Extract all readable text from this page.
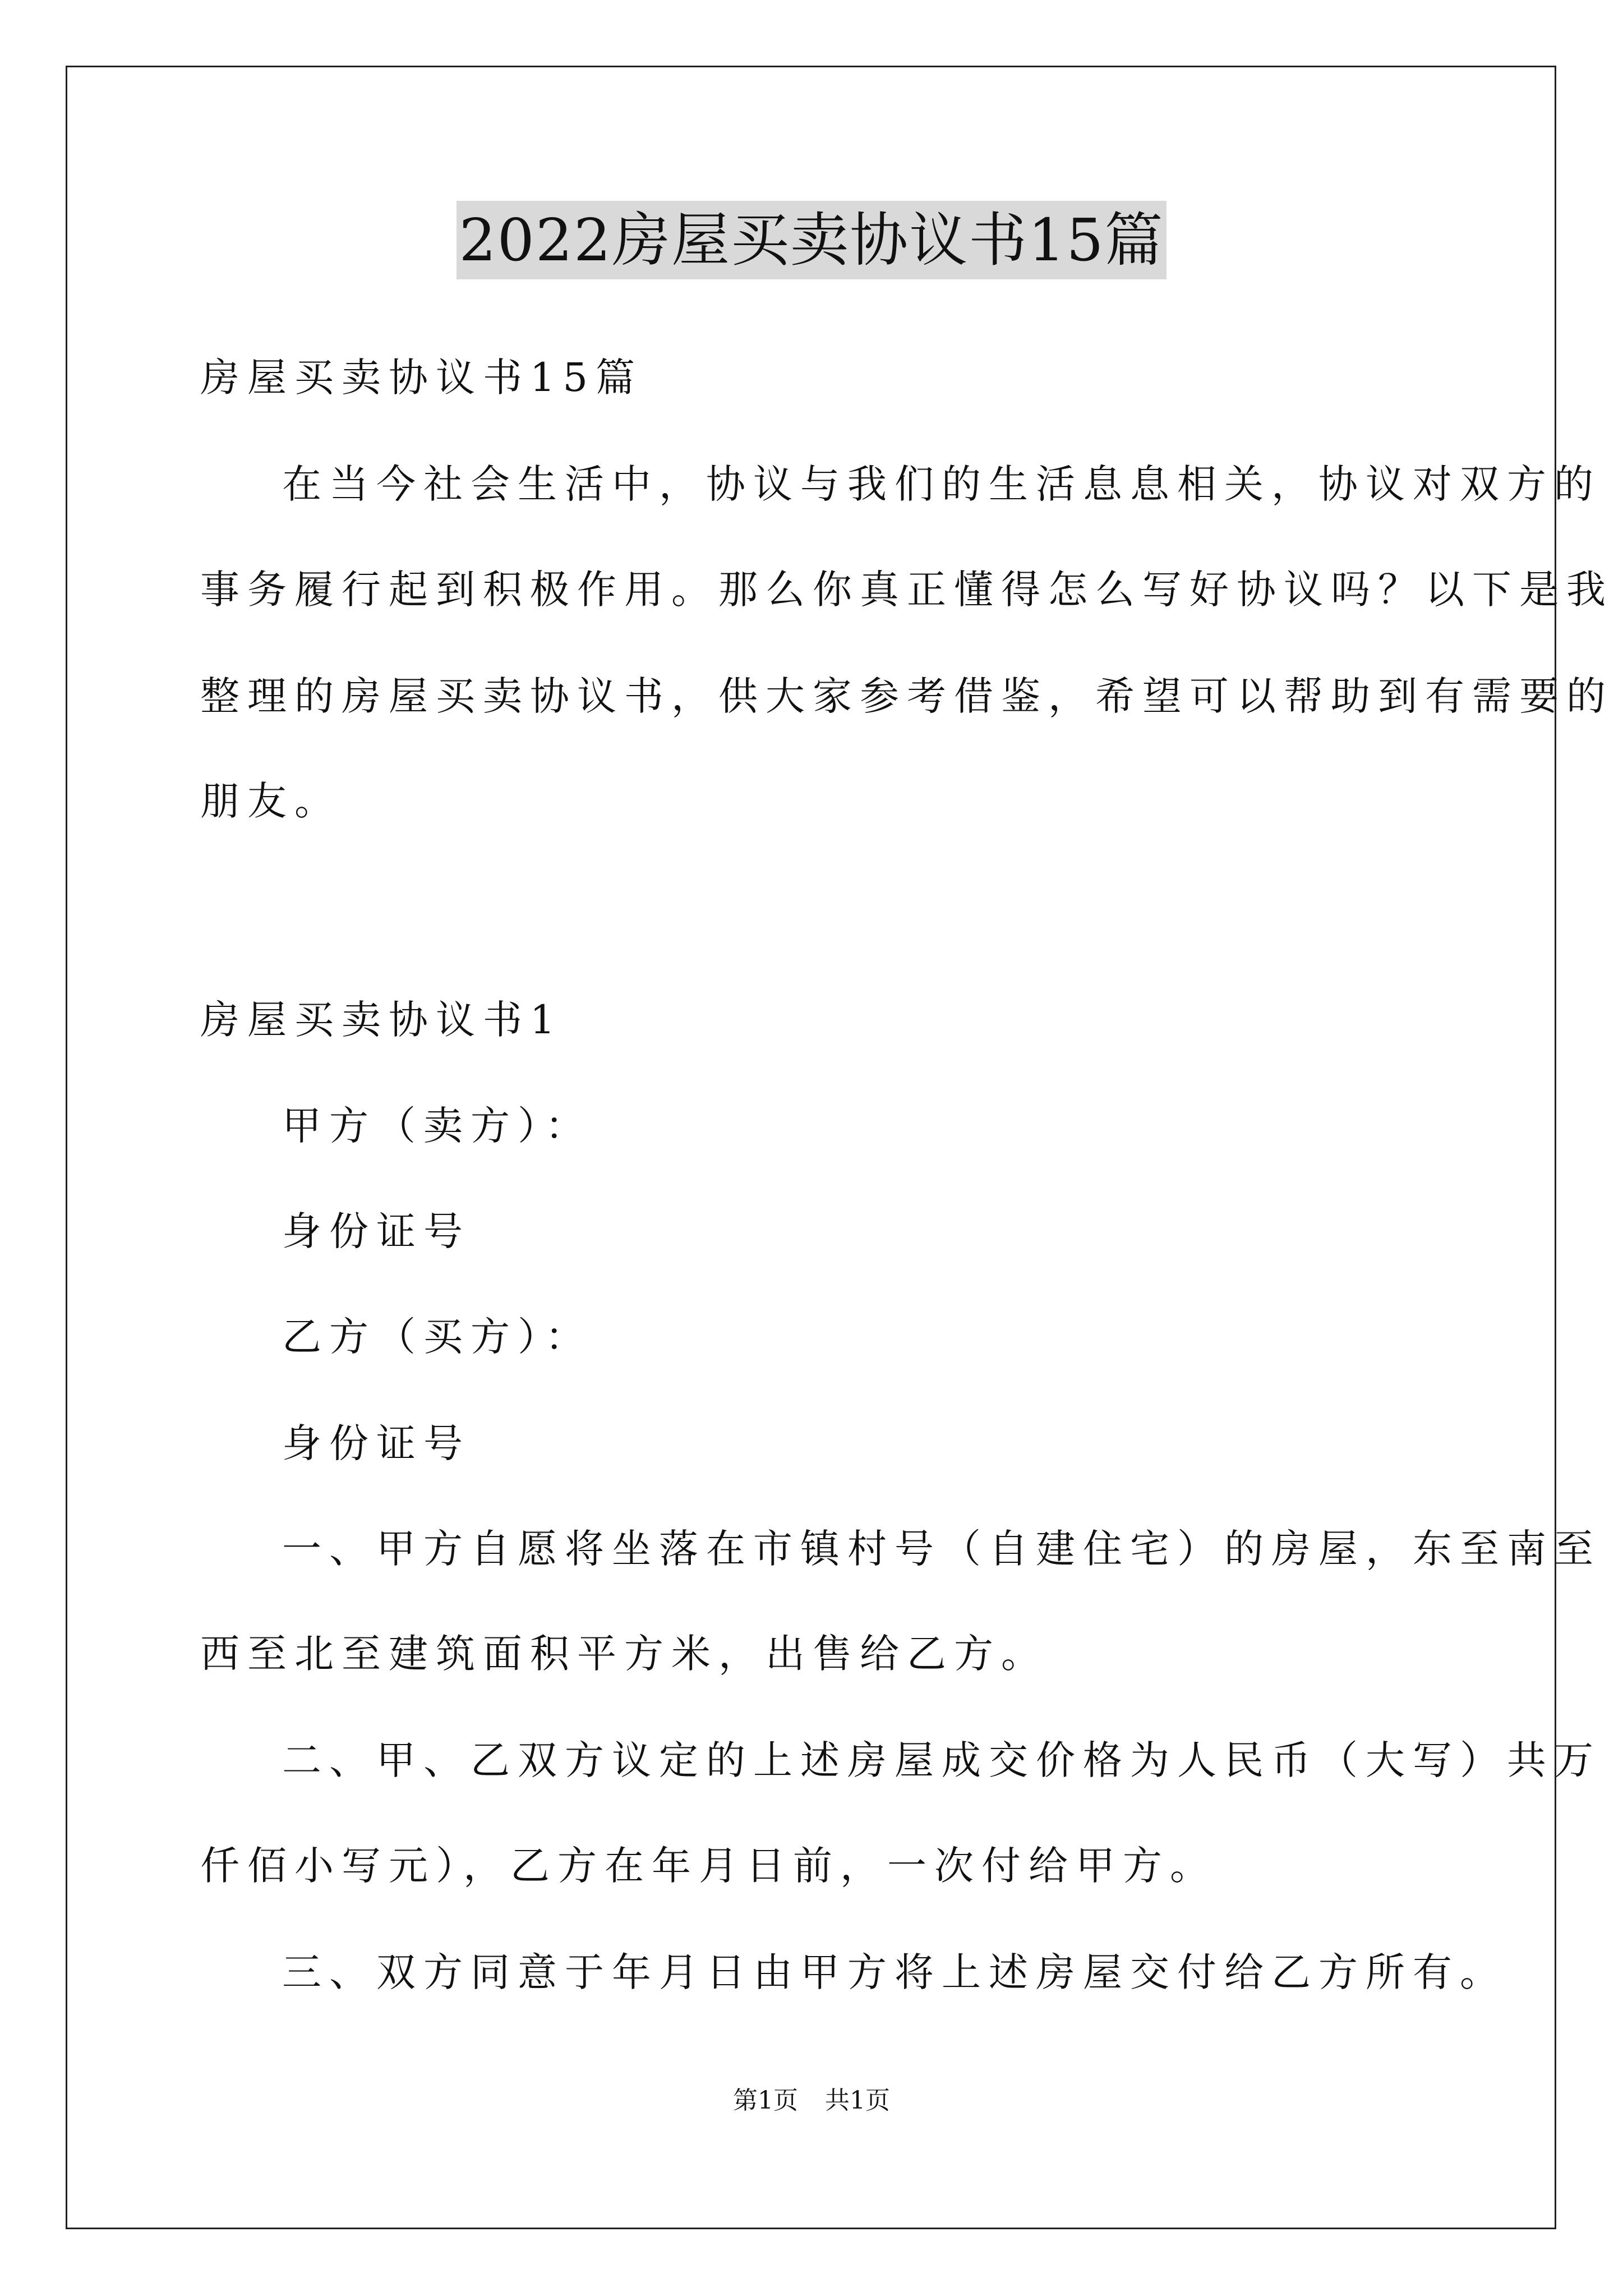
2022房屋买卖协议书15篇
房屋买卖协议书15篇
在当今社会生活中，协议与我们的生活息息相关，协议对双方的
事务履行起到积极作用。那么你真正懂得怎么写好协议吗？以下是我
整理的房屋买卖协议书，供大家参考借鉴，希望可以帮助到有需要的
朋友。
房屋买卖协议书1
甲方（卖方）：
身份证号
乙方（买方）：
身份证号
一、甲方自愿将坐落在市镇村号（自建住宅）的房屋，东至南至
西至北至建筑面积平方米，出售给乙方。
二、甲、乙双方议定的上述房屋成交价格为人民币（大写）共万
仟佰小写元），乙方在年月日前，一次付给甲方。
三、双方同意于年月日由甲方将上述房屋交付给乙方所有。
第1页 共1页
